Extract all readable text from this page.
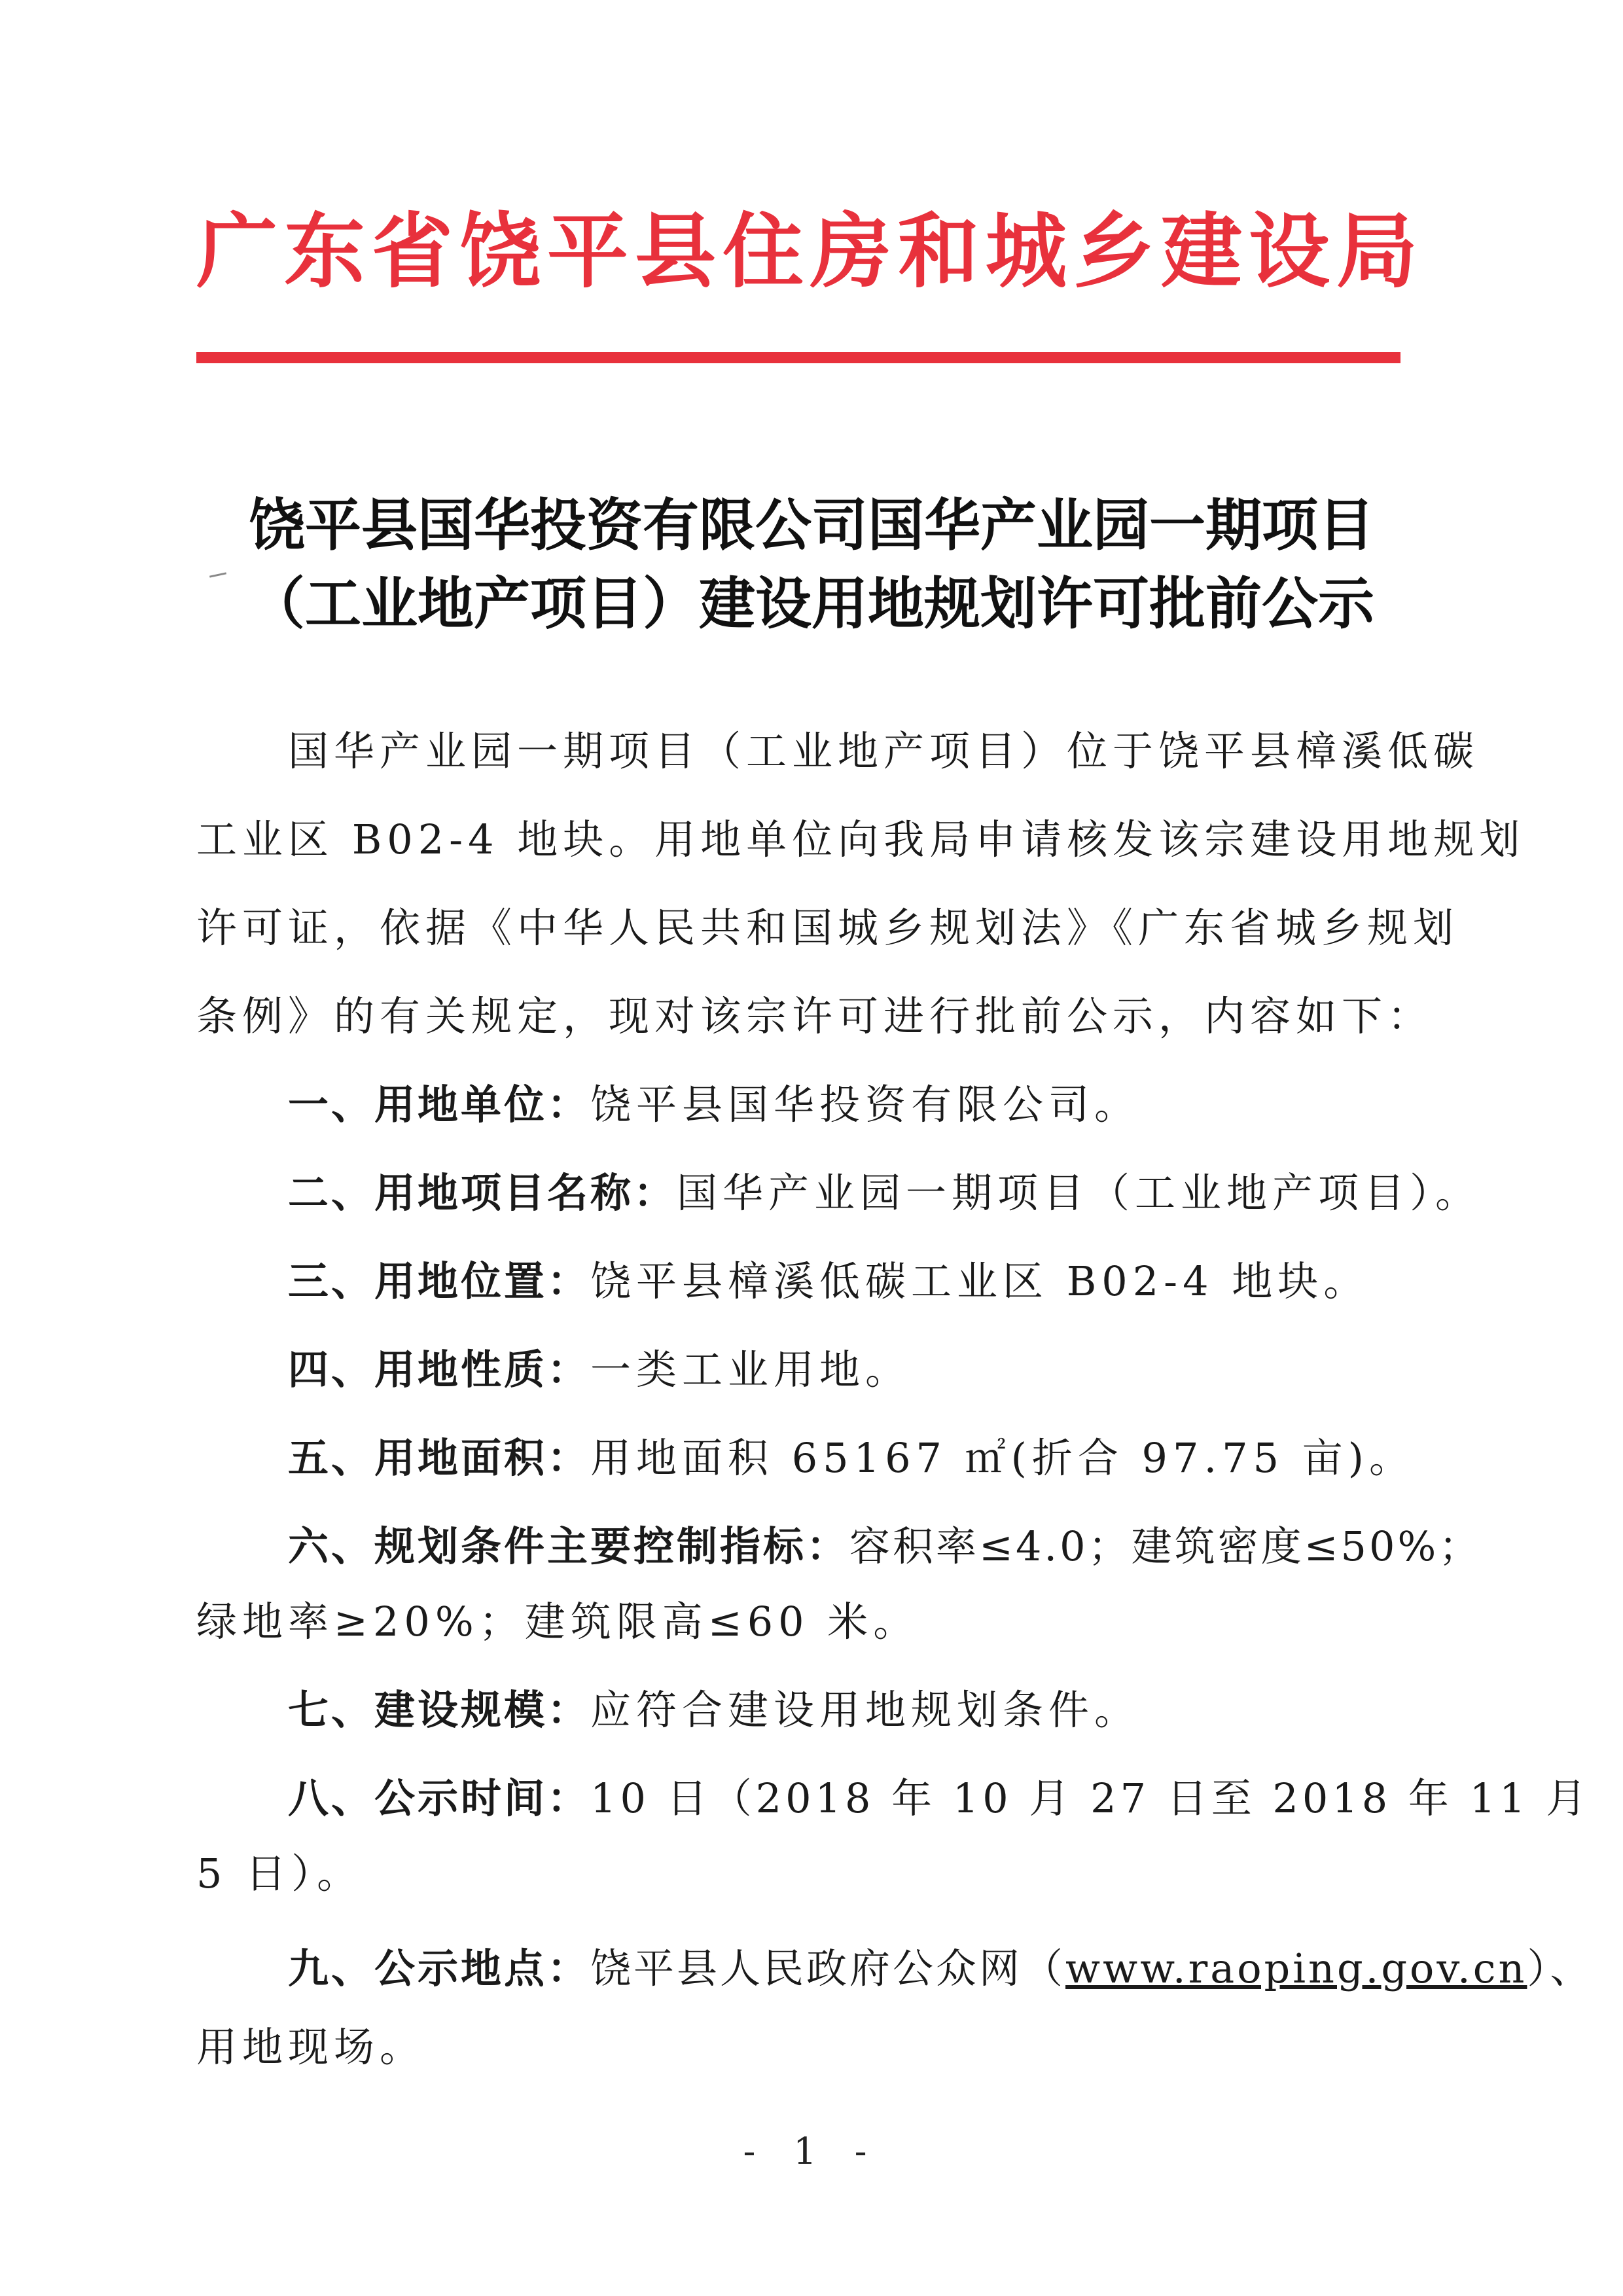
广东省饶平县住房和城乡建设局
饶平县国华投资有限公司国华产业园一期项目
（工业地产项目）建设用地规划许可批前公示
国华产业园一期项目（工业地产项目）位于饶平县樟溪低碳
工业区 B02-4 地块。用地单位向我局申请核发该宗建设用地规划
许可证，依据《中华人民共和国城乡规划法》《广东省城乡规划
条例》的有关规定，现对该宗许可进行批前公示，内容如下：
一、用地单位：饶平县国华投资有限公司。
二、用地项目名称：国华产业园一期项目（工业地产项目）。
三、用地位置：饶平县樟溪低碳工业区 B02-4 地块。
四、用地性质：一类工业用地。
五、用地面积：用地面积 65167 ㎡(折合 97.75 亩)。
六、规划条件主要控制指标：容积率≤4.0；建筑密度≤50%；
绿地率≥20%；建筑限高≤60 米。
七、建设规模：应符合建设用地规划条件。
八、公示时间：10 日（2018 年 10 月 27 日至 2018 年 11 月
5 日）。
九、公示地点：饶平县人民政府公众网（www.raoping.gov.cn）、
用地现场。
- 1 -
